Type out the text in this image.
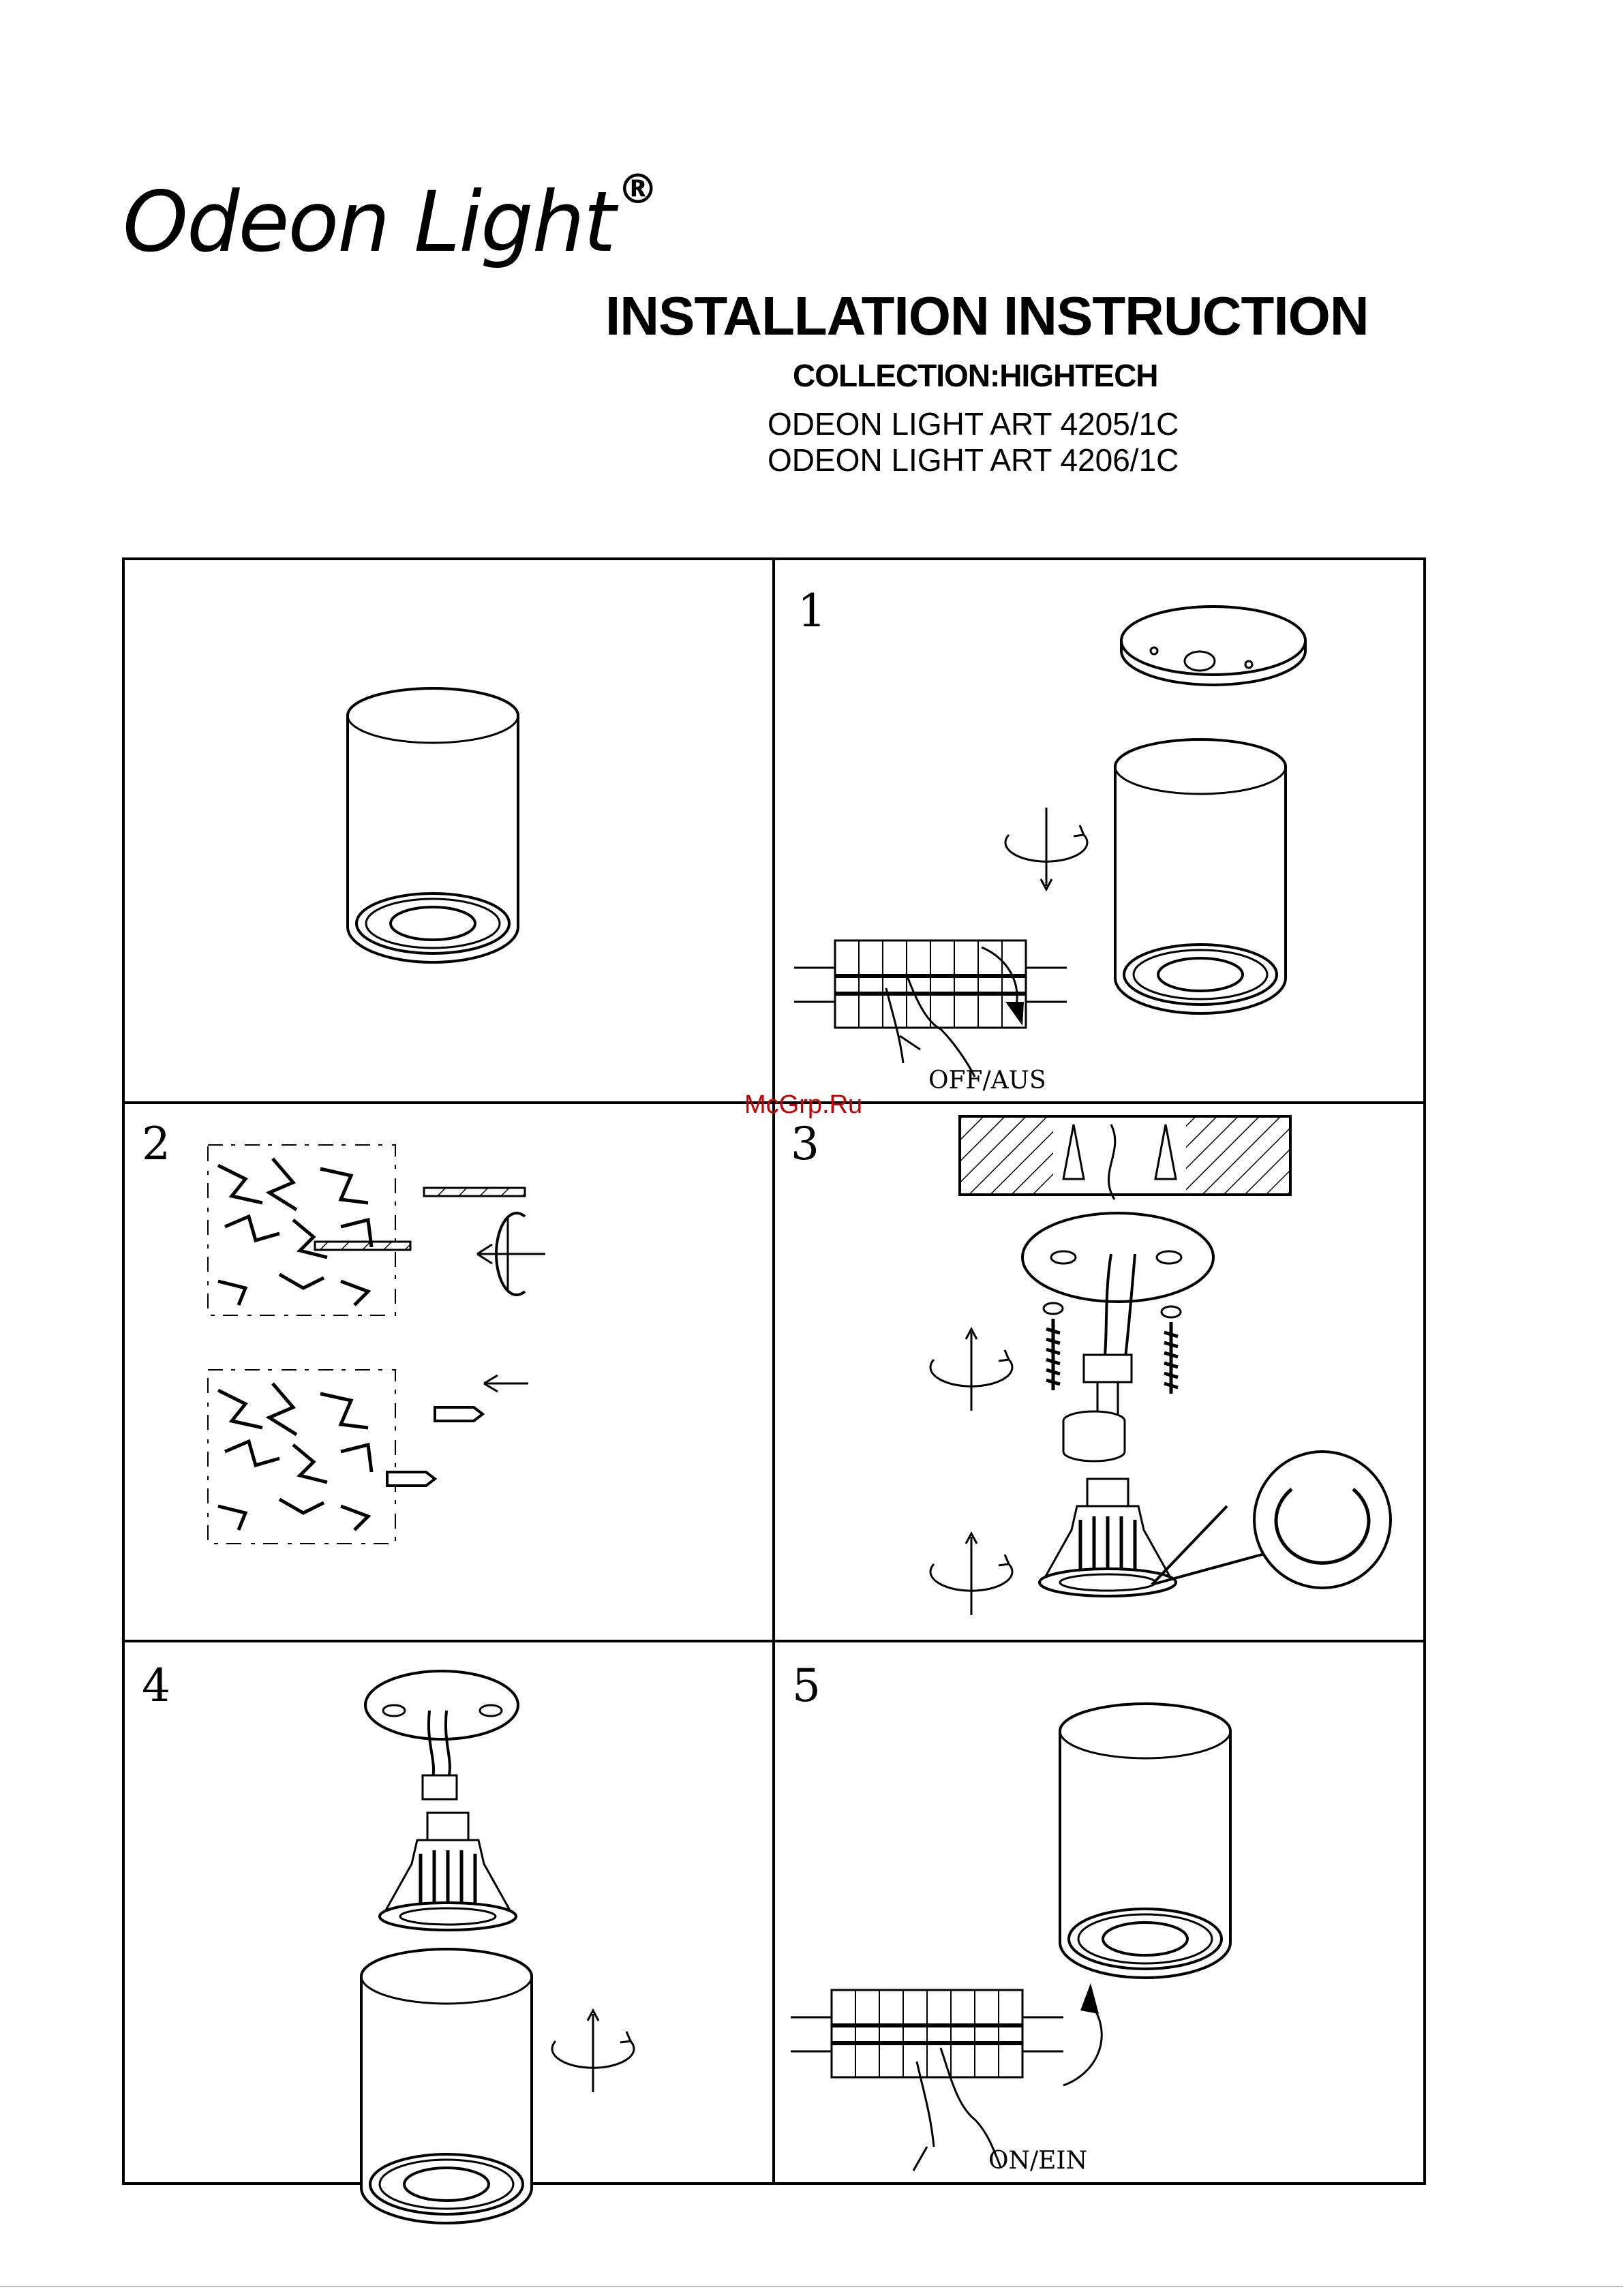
Odeon Light®
INSTALLATION INSTRUCTION
COLLECTION:HIGHTECH
ODEON LIGHT ART 4205/1C
ODEON LIGHT ART 4206/1C
1
OFF/AUS
2	3
4	5
ON/EIN
McGrp.Ru
